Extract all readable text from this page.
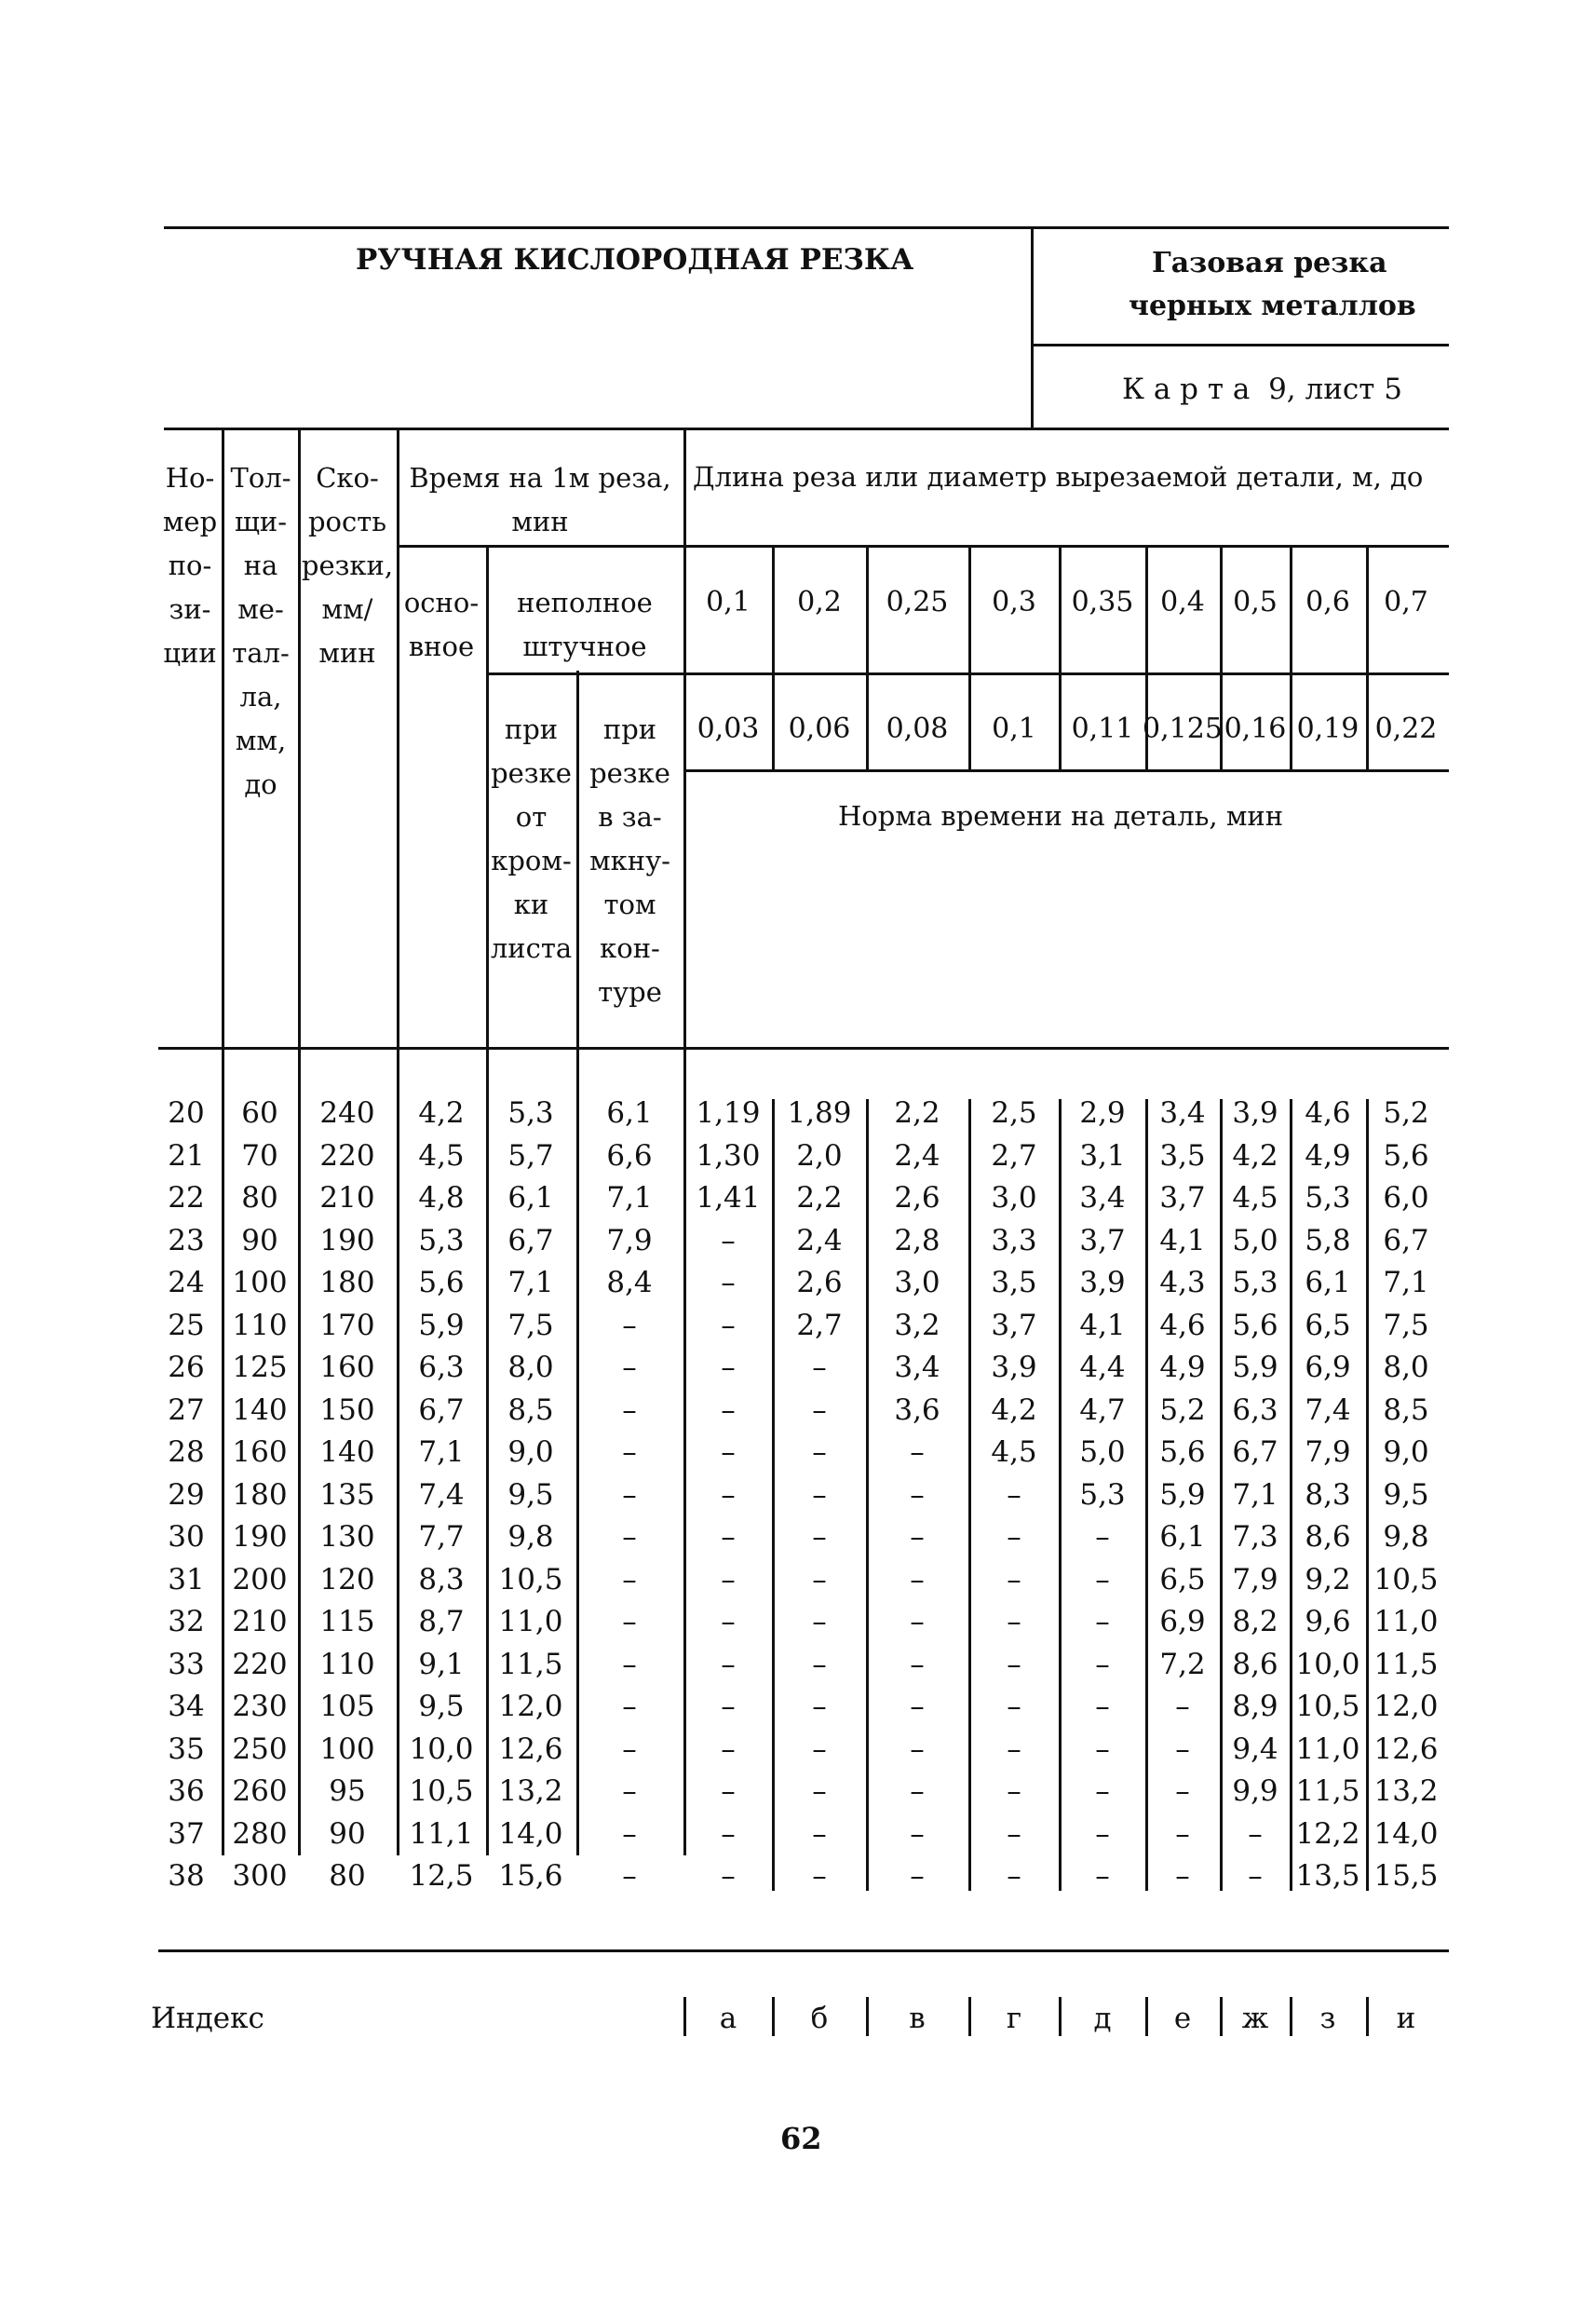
РУЧНАЯ КИСЛОРОДНАЯ РЕЗКА	Газовая резка
черных металлов
К а р т а  9, лист 5
Но-
мер
по-
зи-
ции
Тол-
щи-
на
ме-
тал-
ла,
мм,
до
Ско-
рость
резки,
мм/
мин
Время на 1м реза,
мин
осно-
вное
неполное
штучное
при
резке
от
кром-
ки
листа
при
резке
в за-
мкну-
том
кон-
туре
Длина реза или диаметр вырезаемой детали, м, до
Норма времени на деталь, мин
0,1	0,2	0,25	0,3	0,35 0,4	0,5	0,6	0,7
0,03	0,06	0,08	0,1	0,11 0,125 0,16 0,19 0,22
20	60	240	4,2	5,3	6,1	1,19 1,89	2,2	2,5	2,9	3,4 3,9 4,6	5,2
21	70	220	4,5	5,7	6,6	1,30	2,0	2,4	2,7	3,1	3,5 4,2 4,9	5,6
22	80	210	4,8	6,1	7,1	1,41	2,2	2,6	3,0	3,4	3,7 4,5 5,3	6,0
23	90	190	5,3	6,7	7,9	–	2,4	2,8	3,3	3,7	4,1 5,0 5,8	6,7
24 100	180	5,6	7,1	8,4	–	2,6	3,0	3,5	3,9	4,3 5,3 6,1	7,1
25 110	170	5,9	7,5	–	–	2,7	3,2	3,7	4,1	4,6 5,6 6,5	7,5
26 125	160	6,3	8,0	–	–	–	3,4	3,9	4,4	4,9 5,9 6,9	8,0
27 140	150	6,7	8,5	–	–	–	3,6	4,2	4,7	5,2 6,3 7,4	8,5
28 160	140	7,1	9,0	–	–	–	–	4,5	5,0	5,6 6,7 7,9	9,0
29 180	135	7,4	9,5	–	–	–	–	–	5,3	5,9 7,1 8,3	9,5
30 190	130	7,7	9,8	–	–	–	–	–	–	6,1 7,3 8,6	9,8
31 200	120	8,3	10,5	–	–	–	–	–	–	6,5 7,9 9,2 10,5
32 210	115	8,7	11,0	–	–	–	–	–	–	6,9 8,2 9,6 11,0
33 220	110	9,1	11,5	–	–	–	–	–	–	7,2 8,6 10,0 11,5
34 230	105	9,5	12,0	–	–	–	–	–	–	–	8,9 10,5 12,0
35 250	100	10,0 12,6	–	–	–	–	–	–	–	9,4 11,0 12,6
36 260	95	10,5 13,2	–	–	–	–	–	–	–	9,9 11,5 13,2
37 280	90	11,1 14,0	–	–	–	–	–	–	–	–	12,2 14,0
38 300	80	12,5 15,6	–	–	–	–	–	–	–	–	13,5 15,5
Индекс	а	б	в	г	д	е	ж	з	и
62
